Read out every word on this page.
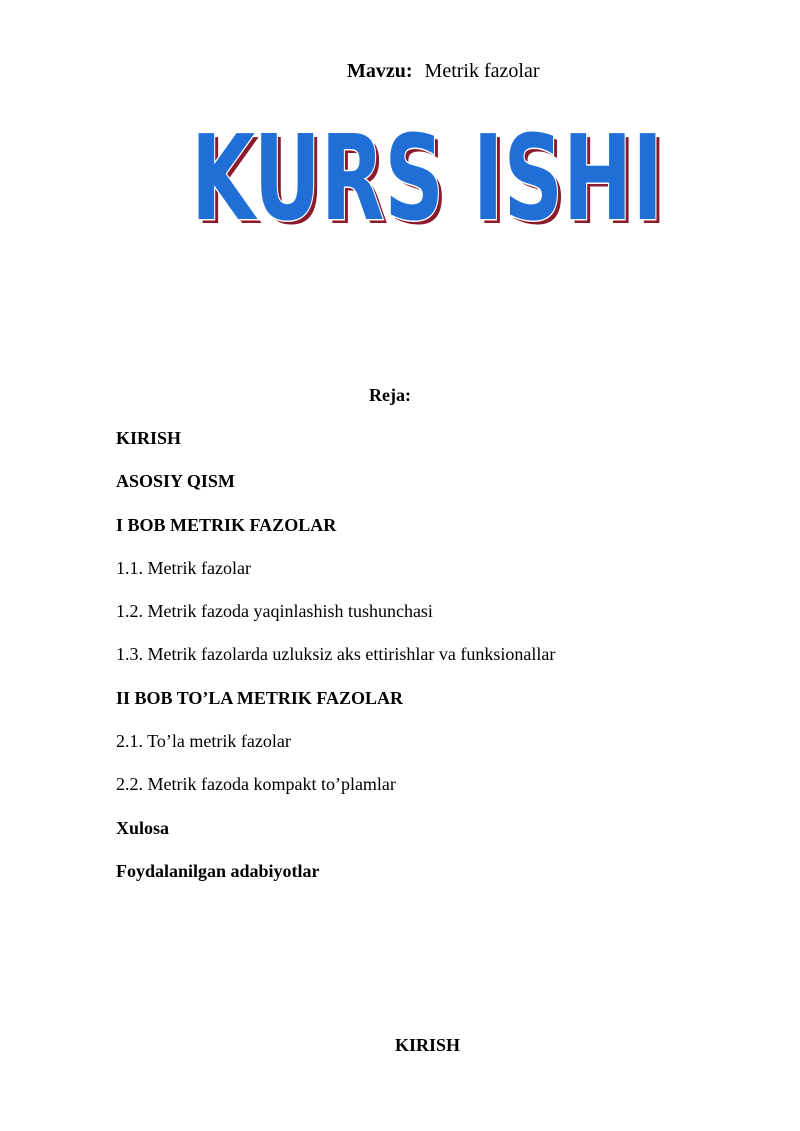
Mavzu: Metrik fazolar
KURS ISHI
KURS ISHI
Reja:
KIRISH
ASOSIY QISM
I BOB METRIK FAZOLAR
1.1. Metrik fazolar
1.2. Metrik fazoda yaqinlashish tushunchasi
1.3. Metrik fazolarda uzluksiz aks ettirishlar va funksionallar
II BOB TO’LA METRIK FAZOLAR
2.1. To’la metrik fazolar
2.2. Metrik fazoda kompakt to’plamlar
Xulosa
Foydalanilgan adabiyotlar
KIRISH
